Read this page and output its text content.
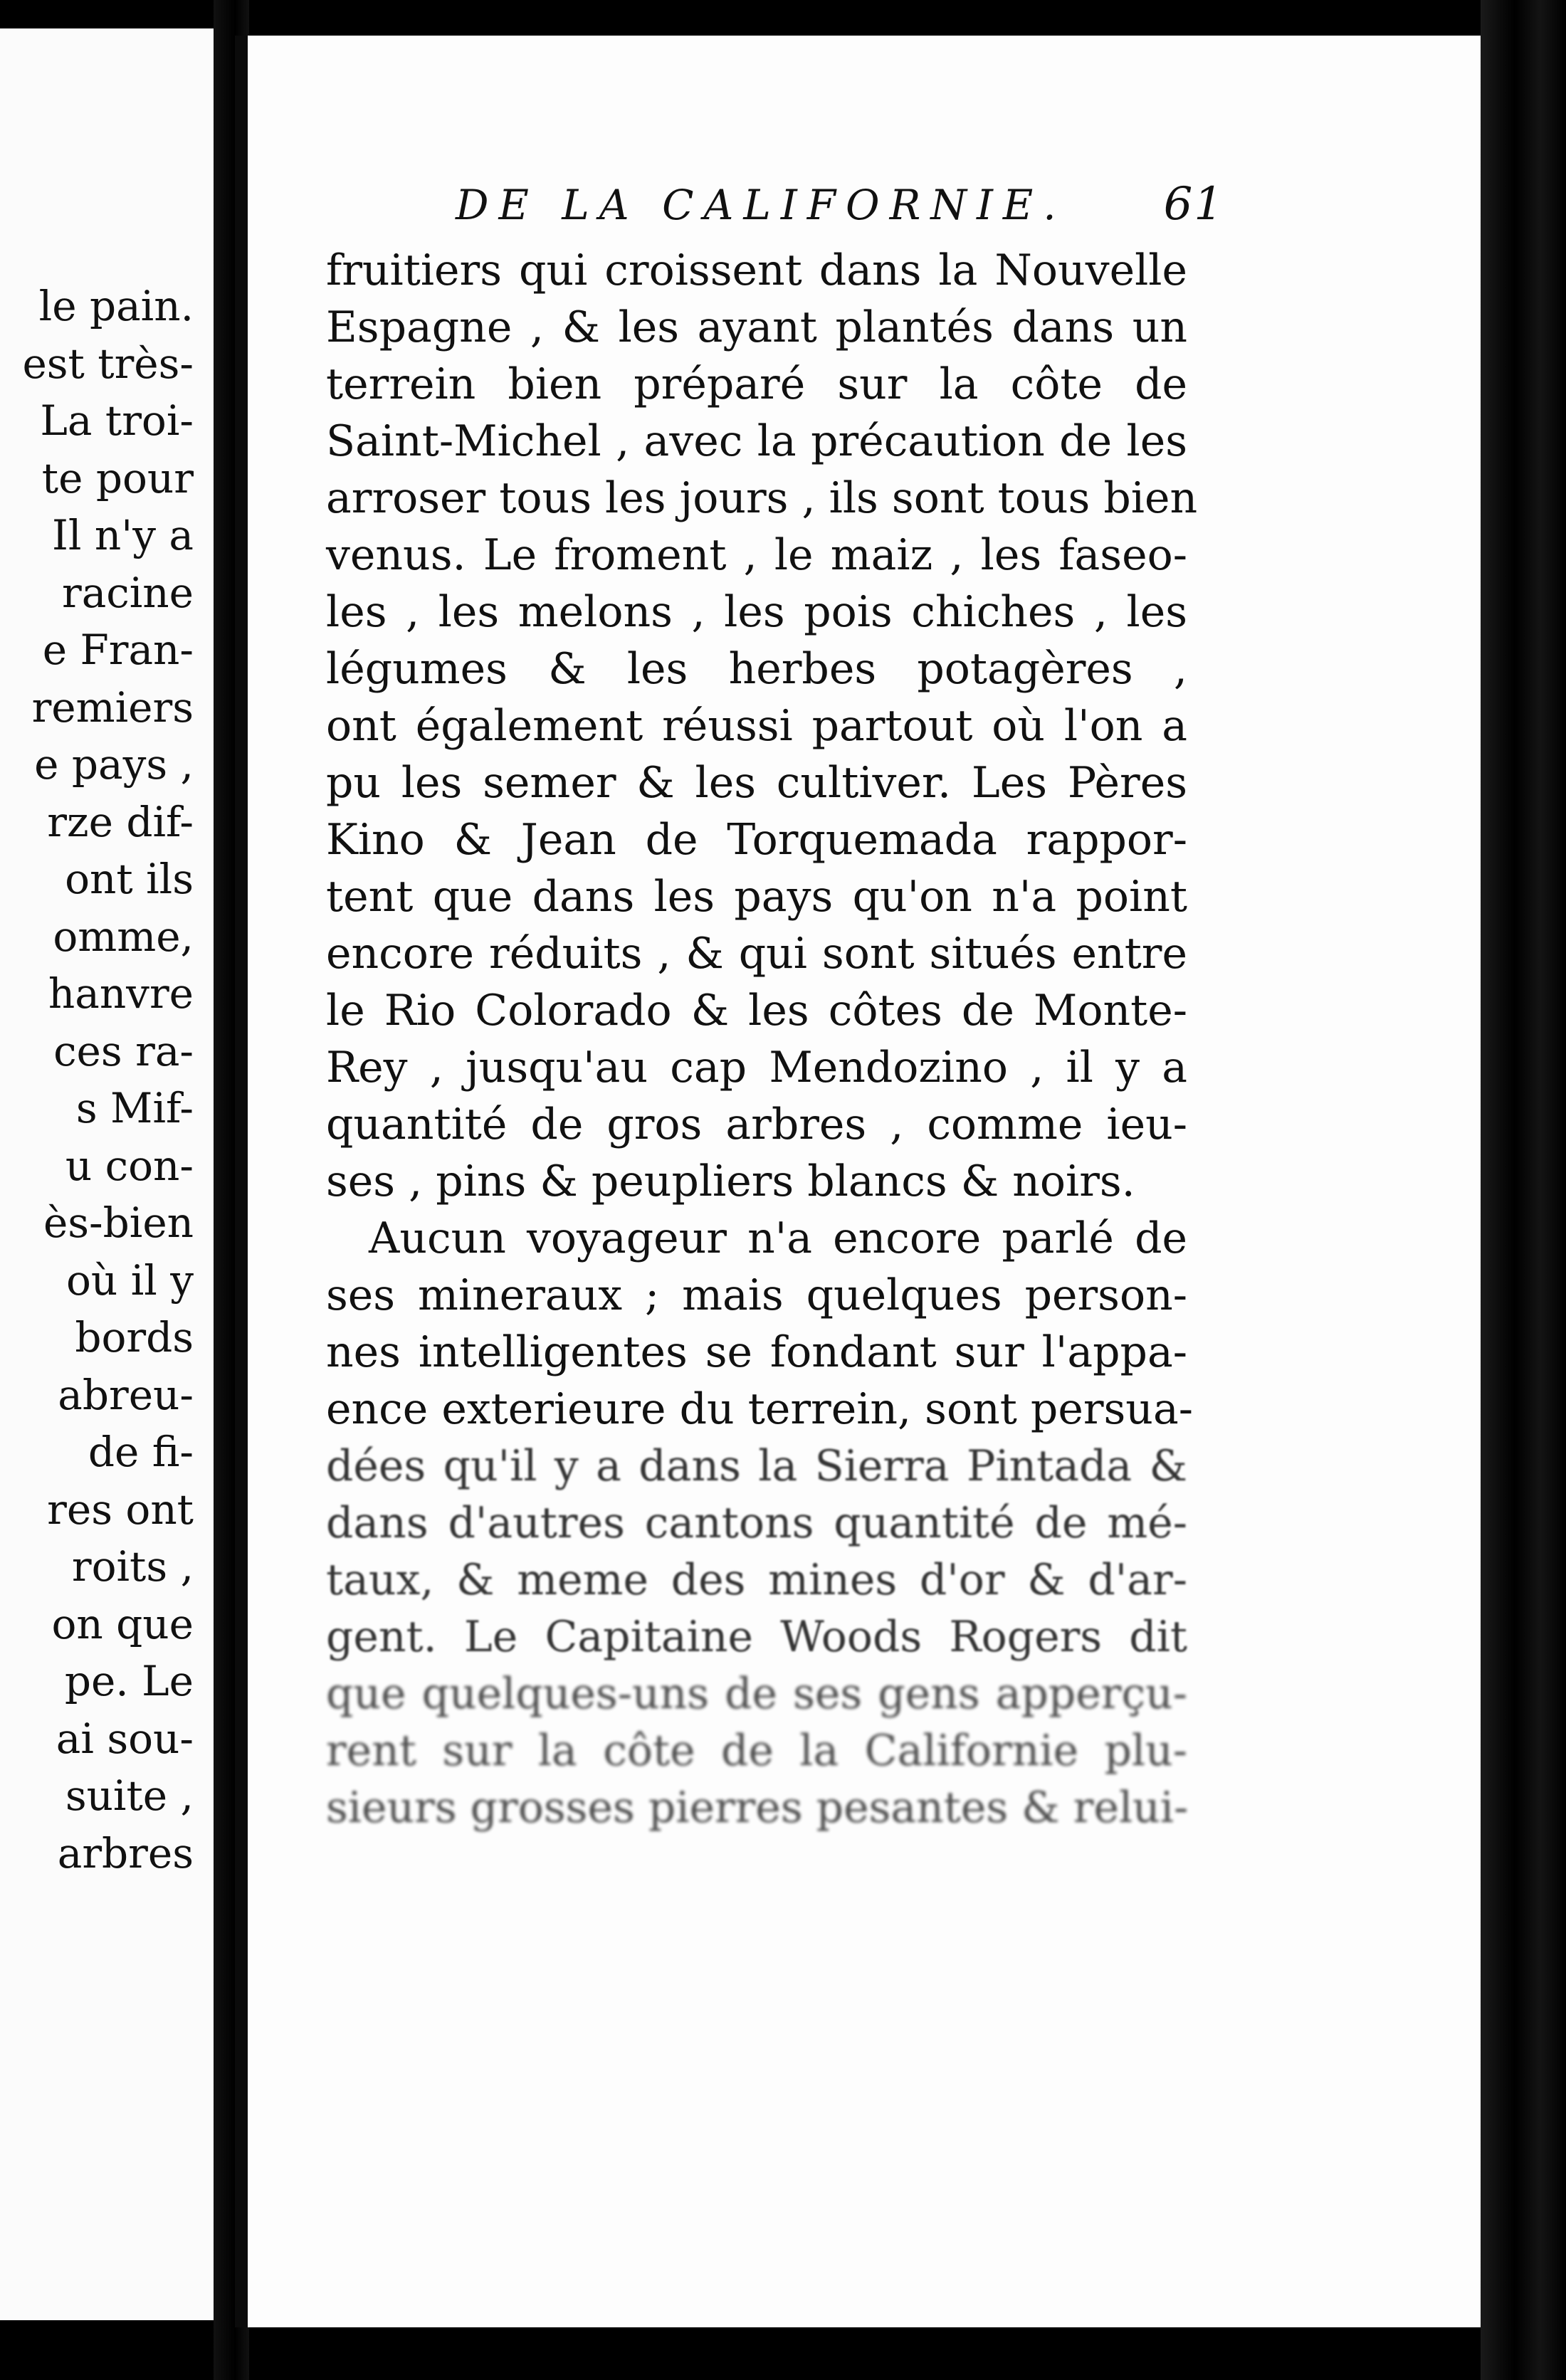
le pain.
est très-
La troi-
te pour
Il n'y a
racine
e Fran-
remiers
e pays ,
rze dif-
ont ils
omme,
hanvre
ces ra-
s Mif-
u con-
ès-bien
où il y
bords
abreu-
de fi-
res ont
roits ,
on que
pe. Le
ai sou-
suite ,
arbres
DE LA CALIFORNIE. 61
fruitiers qui croissent dans la Nouvelle
Espagne , & les ayant plantés dans un
terrein bien préparé sur la côte de
Saint-Michel , avec la précaution de les
arroser tous les jours , ils sont tous bien
venus. Le froment , le maiz , les faseo-
les , les melons , les pois chiches , les
légumes & les herbes potagères ,
ont également réussi partout où l'on a
pu les semer & les cultiver. Les Pères
Kino & Jean de Torquemada rappor-
tent que dans les pays qu'on n'a point
encore réduits , & qui sont situés entre
le Rio Colorado & les côtes de Monte-
Rey , jusqu'au cap Mendozino , il y a
quantité de gros arbres , comme ieu-
ses , pins & peupliers blancs & noirs.
Aucun voyageur n'a encore parlé de
ses mineraux ; mais quelques person-
nes intelligentes se fondant sur l'appa-
ence exterieure du terrein, sont persua-
dées qu'il y a dans la Sierra Pintada &
dans d'autres cantons quantité de mé-
taux, & meme des mines d'or & d'ar-
gent. Le Capitaine Woods Rogers dit
que quelques-uns de ses gens apperçu-
rent sur la côte de la Californie plu-
sieurs grosses pierres pesantes & relui-
